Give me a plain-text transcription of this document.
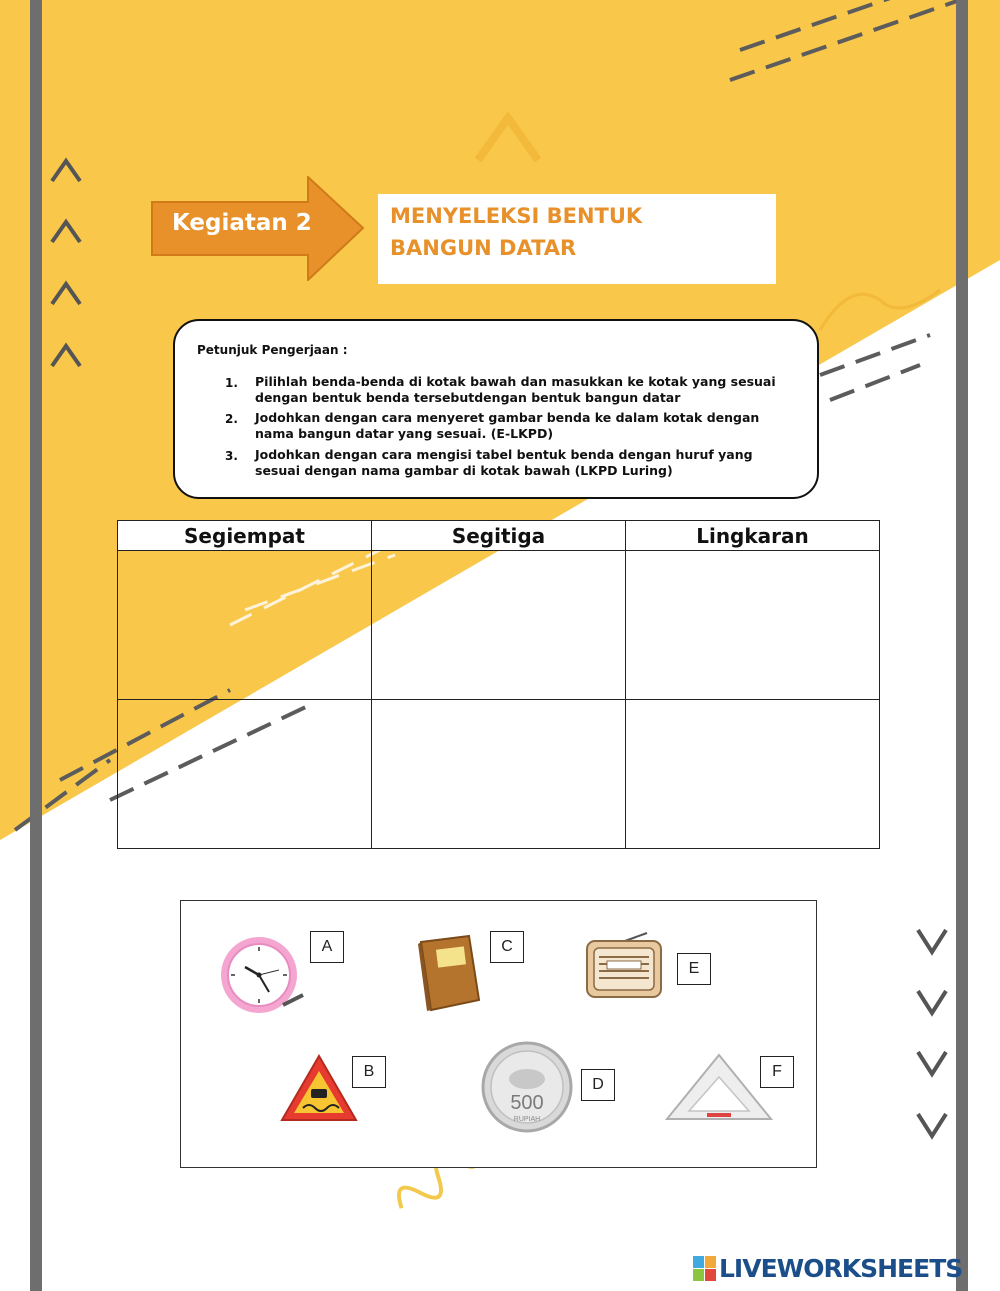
Kegiatan 2	MENYELEKSI BENTUK
BANGUN DATAR
Petunjuk Pengerjaan :
1. Pilihlah benda-benda di kotak bawah dan masukkan ke kotak yang sesuai dengan bentuk benda tersebutdengan bentuk bangun datar
2. Jodohkan dengan cara menyeret gambar benda ke dalam kotak dengan nama bangun datar yang sesuai. (E-LKPD)
3. Jodohkan dengan cara mengisi tabel bentuk benda dengan huruf yang sesuai dengan nama gambar di kotak bawah (LKPD Luring)
Segiempat	Segitiga	Lingkaran

A
B
C
500
RUPIAH
D
E
F
LIVEWORKSHEETS
